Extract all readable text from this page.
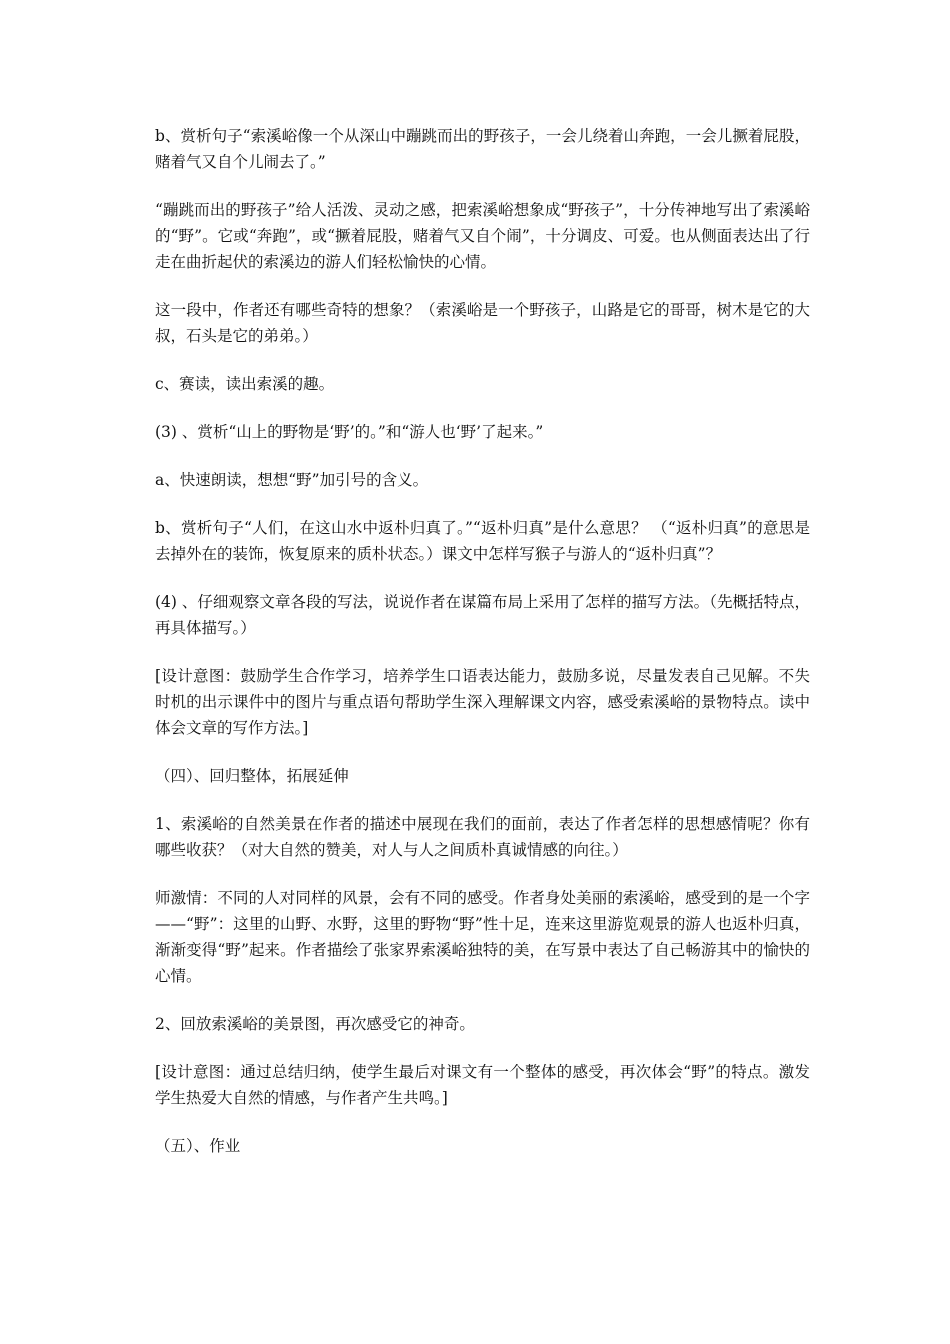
b、赏析句子“索溪峪像一个从深山中蹦跳而出的野孩子，一会儿绕着山奔跑，一会儿撅着屁股，赌着气又自个儿闹去了。”

“蹦跳而出的野孩子”给人活泼、灵动之感，把索溪峪想象成“野孩子”，十分传神地写出了索溪峪的“野”。它或“奔跑”，或“撅着屁股，赌着气又自个闹”，十分调皮、可爱。也从侧面表达出了行走在曲折起伏的索溪边的游人们轻松愉快的心情。

这一段中，作者还有哪些奇特的想象？（索溪峪是一个野孩子，山路是它的哥哥，树木是它的大叔，石头是它的弟弟。）

c、赛读，读出索溪的趣。

(3) 、赏析“山上的野物是‘野’的。”和“游人也‘野’了起来。”

a、快速朗读，想想“野”加引号的含义。

b、赏析句子“人们，在这山水中返朴归真了。”“返朴归真”是什么意思？ （“返朴归真”的意思是去掉外在的装饰，恢复原来的质朴状态。）课文中怎样写猴子与游人的“返朴归真”？

(4) 、仔细观察文章各段的写法，说说作者在谋篇布局上采用了怎样的描写方法。（先概括特点，再具体描写。）

[设计意图：鼓励学生合作学习，培养学生口语表达能力，鼓励多说，尽量发表自己见解。不失时机的出示课件中的图片与重点语句帮助学生深入理解课文内容，感受索溪峪的景物特点。读中体会文章的写作方法。]

（四）、回归整体，拓展延伸

1、索溪峪的自然美景在作者的描述中展现在我们的面前，表达了作者怎样的思想感情呢？你有哪些收获？（对大自然的赞美，对人与人之间质朴真诚情感的向往。）

师激情：不同的人对同样的风景，会有不同的感受。作者身处美丽的索溪峪，感受到的是一个字——“野”：这里的山野、水野，这里的野物“野”性十足，连来这里游览观景的游人也返朴归真，渐渐变得“野”起来。作者描绘了张家界索溪峪独特的美，在写景中表达了自己畅游其中的愉快的心情。

2、回放索溪峪的美景图，再次感受它的神奇。

[设计意图：通过总结归纳，使学生最后对课文有一个整体的感受，再次体会“野”的特点。激发学生热爱大自然的情感，与作者产生共鸣。]

（五）、作业
